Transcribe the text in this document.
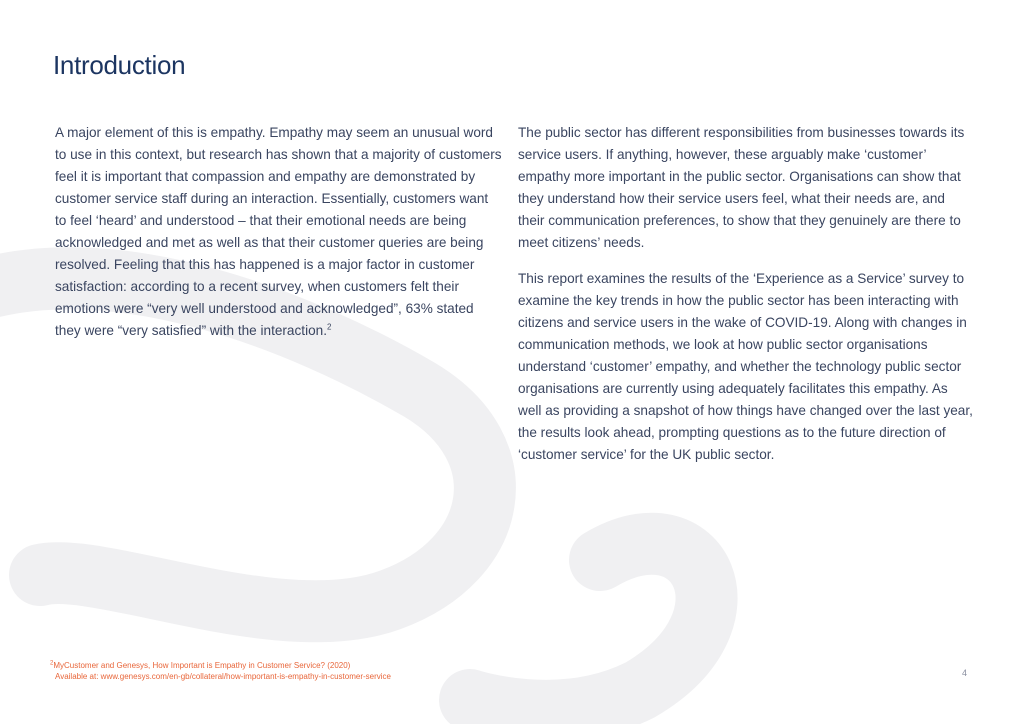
Introduction

A major element of this is empathy. Empathy may seem an unusual word to use in this context, but research has shown that a majority of customers feel it is important that compassion and empathy are demonstrated by customer service staff during an interaction. Essentially, customers want to feel ‘heard’ and understood – that their emotional needs are being acknowledged and met as well as that their customer queries are being resolved. Feeling that this has happened is a major factor in customer satisfaction: according to a recent survey, when customers felt their emotions were “very well understood and acknowledged”, 63% stated they were “very satisfied” with the interaction.$^2$

The public sector has different responsibilities from businesses towards its service users. If anything, however, these arguably make ‘customer’ empathy more important in the public sector. Organisations can show that they understand how their service users feel, what their needs are, and their communication preferences, to show that they genuinely are there to meet citizens’ needs.

This report examines the results of the ‘Experience as a Service’ survey to examine the key trends in how the public sector has been interacting with citizens and service users in the wake of COVID-19. Along with changes in communication methods, we look at how public sector organisations understand ‘customer’ empathy, and whether the technology public sector organisations are currently using adequately facilitates this empathy. As well as providing a snapshot of how things have changed over the last year, the results look ahead, prompting questions as to the future direction of ‘customer service’ for the UK public sector.

$^2$MyCustomer and Genesys, How Important is Empathy in Customer Service? (2020)
Available at: www.genesys.com/en-gb/collateral/how-important-is-empathy-in-customer-service	4
